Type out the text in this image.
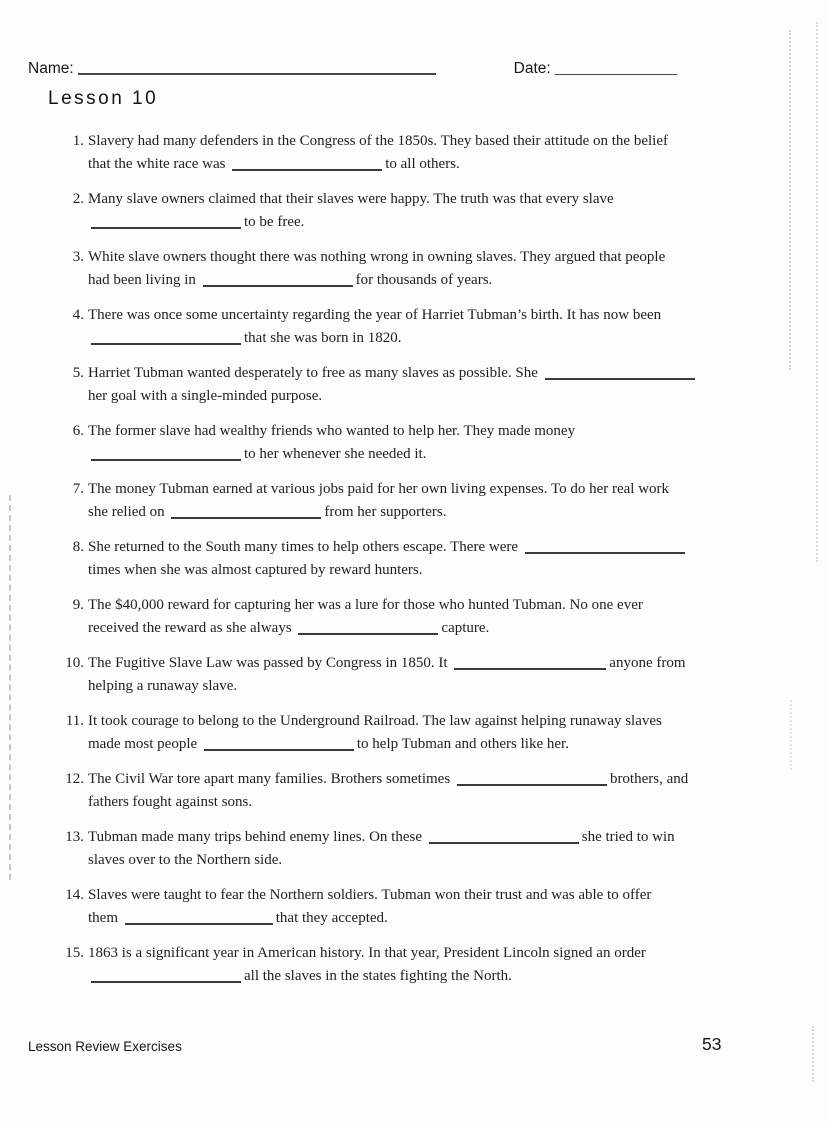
Name:	Date:
Lesson 10
1. Slavery had many defenders in the Congress of the 1850s. They based their attitude on the belief
that the white race was	to all others.
2. Many slave owners claimed that their slaves were happy. The truth was that every slave
to be free.
3. White slave owners thought there was nothing wrong in owning slaves. They argued that people
had been living in	for thousands of years.
4. There was once some uncertainty regarding the year of Harriet Tubman’s birth. It has now been
that she was born in 1820.
5. Harriet Tubman wanted desperately to free as many slaves as possible. She
her goal with a single-minded purpose.
6. The former slave had wealthy friends who wanted to help her. They made money
to her whenever she needed it.
7. The money Tubman earned at various jobs paid for her own living expenses. To do her real work
she relied on	from her supporters.
8. She returned to the South many times to help others escape. There were
times when she was almost captured by reward hunters.
9. The $40,000 reward for capturing her was a lure for those who hunted Tubman. No one ever
received the reward as she always	capture.
10. The Fugitive Slave Law was passed by Congress in 1850. It	anyone from
helping a runaway slave.
11. It took courage to belong to the Underground Railroad. The law against helping runaway slaves
made most people	to help Tubman and others like her.
12. The Civil War tore apart many families. Brothers sometimes	brothers, and
fathers fought against sons.
13. Tubman made many trips behind enemy lines. On these	she tried to win
slaves over to the Northern side.
14. Slaves were taught to fear the Northern soldiers. Tubman won their trust and was able to offer
them	that they accepted.
15. 1863 is a significant year in American history. In that year, President Lincoln signed an order
all the slaves in the states fighting the North.
Lesson Review Exercises	53
